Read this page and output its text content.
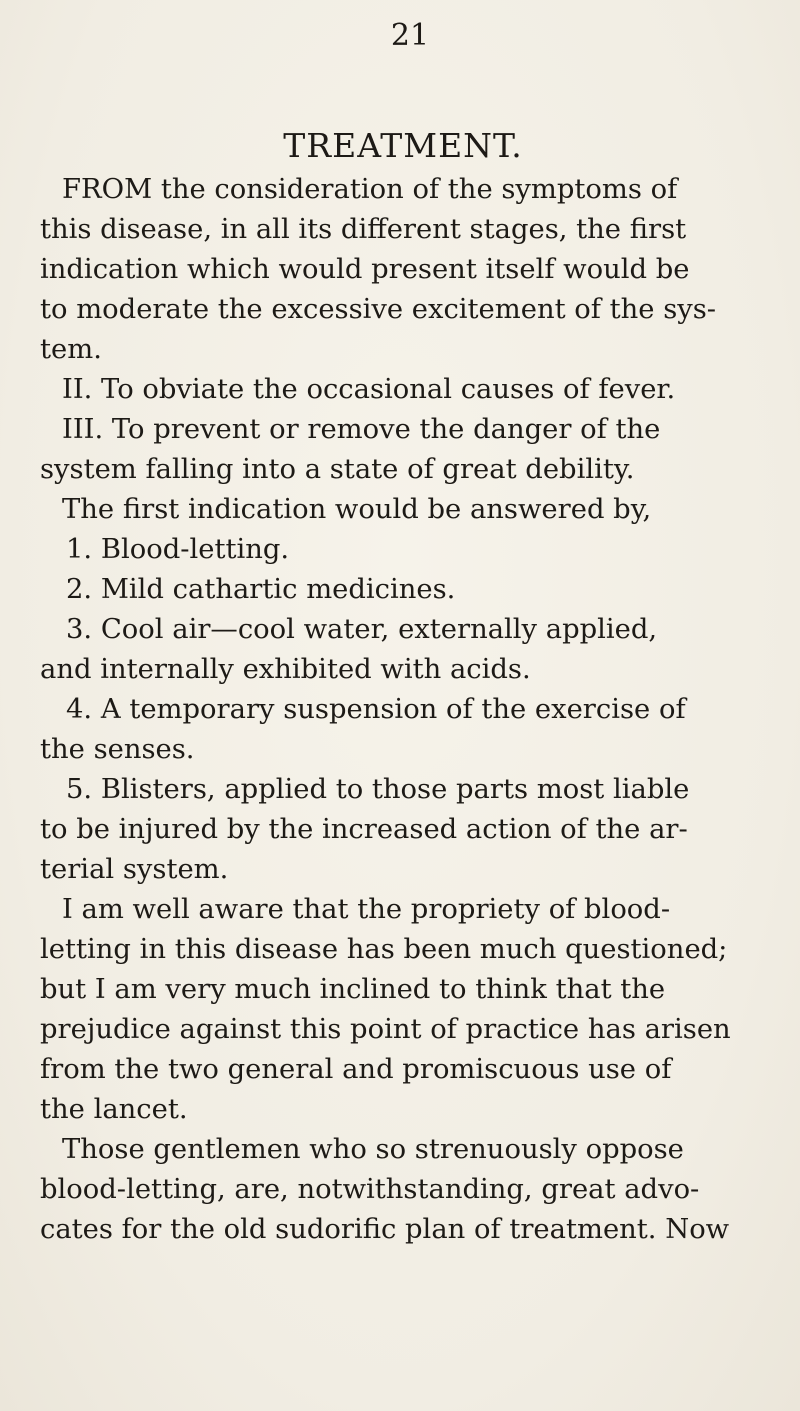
21
TREATMENT.
FROM the consideration of the symptoms of
this disease, in all its different stages, the first
indication which would present itself would be
to moderate the excessive excitement of the sys-
tem.
II. To obviate the occasional causes of fever.
III. To prevent or remove the danger of the
system falling into a state of great debility.
The first indication would be answered by,
1. Blood-letting.
2. Mild cathartic medicines.
3. Cool air—cool water, externally applied,
and internally exhibited with acids.
4. A temporary suspension of the exercise of
the senses.
5. Blisters, applied to those parts most liable
to be injured by the increased action of the ar-
terial system.
I am well aware that the propriety of blood-
letting in this disease has been much questioned;
but I am very much inclined to think that the
prejudice against this point of practice has arisen
from the two general and promiscuous use of
the lancet.
Those gentlemen who so strenuously oppose
blood-letting, are, notwithstanding, great advo-
cates for the old sudorific plan of treatment. Now
